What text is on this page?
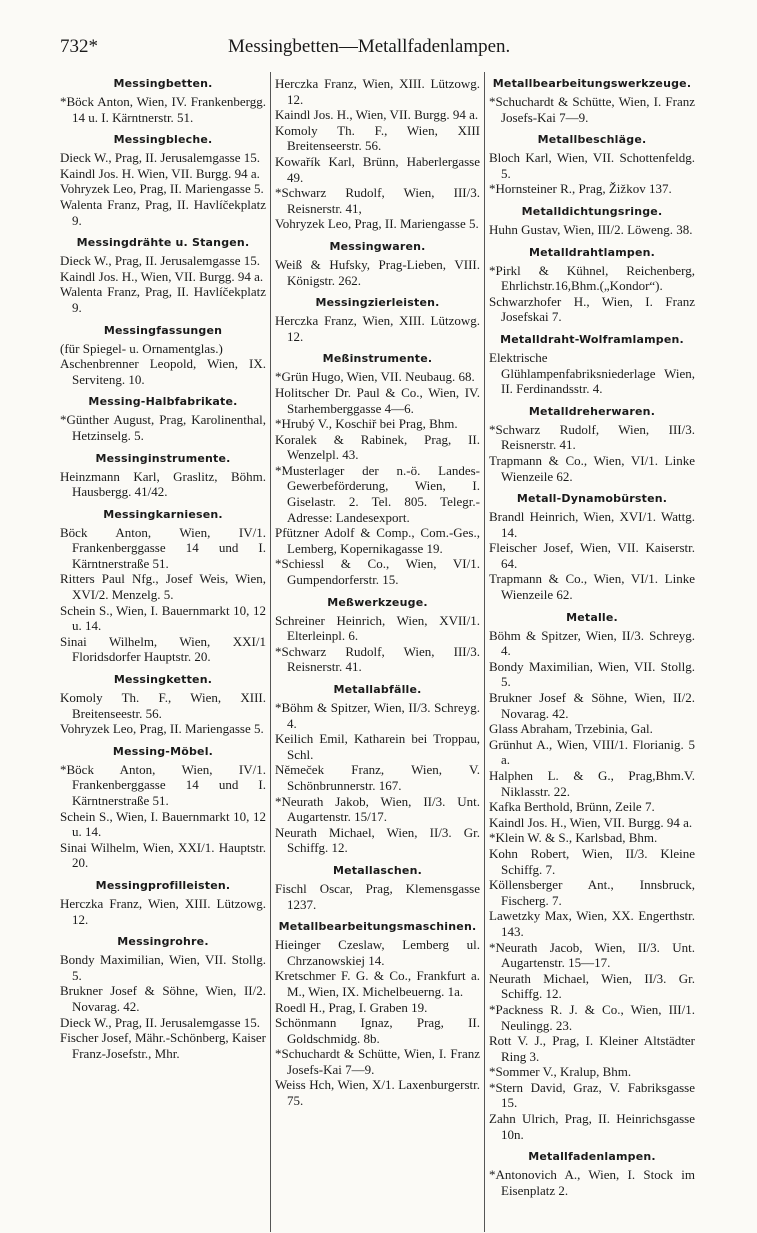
732*	Messingbetten—Metallfadenlampen.
Messingbetten.

*Böck Anton, Wien, IV. Frankenbergg. 14 u. I. Kärntnerstr. 51.

Messingbleche.

Dieck W., Prag, II. Jerusalemgasse 15.

Kaindl Jos. H. Wien, VII. Burgg. 94 a.

Vohryzek Leo, Prag, II. Mariengasse 5.

Walenta Franz, Prag, II. Havlíčekplatz 9.

Messingdrähte u. Stangen.

Dieck W., Prag, II. Jerusalemgasse 15.

Kaindl Jos. H., Wien, VII. Burgg. 94 a.

Walenta Franz, Prag, II. Havlíčekplatz 9.

Messingfassungen

(für Spiegel- u. Ornamentglas.)

Aschenbrenner Leopold, Wien, IX. Serviteng. 10.

Messing-Halbfabrikate.

*Günther August, Prag, Karolinenthal, Hetzinselg. 5.

Messinginstrumente.

Heinzmann Karl, Graslitz, Böhm. Hausbergg. 41/42.

Messingkarniesen.

Böck Anton, Wien, IV/1. Frankenberggasse 14 und I. Kärntnerstraße 51.

Ritters Paul Nfg., Josef Weis, Wien, XVI/2. Menzelg. 5.

Schein S., Wien, I. Bauernmarkt 10, 12 u. 14.

Sinai Wilhelm, Wien, XXI/1 Floridsdorfer Hauptstr. 20.

Messingketten.

Komoly Th. F., Wien, XIII. Breitenseestr. 56.

Vohryzek Leo, Prag, II. Mariengasse 5.

Messing-Möbel.

*Böck Anton, Wien, IV/1. Frankenberggasse 14 und I. Kärntnerstraße 51.

Schein S., Wien, I. Bauernmarkt 10, 12 u. 14.

Sinai Wilhelm, Wien, XXI/1. Hauptstr. 20.

Messingprofilleisten.

Herczka Franz, Wien, XIII. Lützowg. 12.

Messingrohre.

Bondy Maximilian, Wien, VII. Stollg. 5.

Brukner Josef & Söhne, Wien, II/2. Novarag. 42.

Dieck W., Prag, II. Jerusalemgasse 15.

Fischer Josef, Mähr.-Schönberg, Kaiser Franz-Josefstr., Mhr.

Herczka Franz, Wien, XIII. Lützowg. 12.

Kaindl Jos. H., Wien, VII. Burgg. 94 a.

Komoly Th. F., Wien, XIII Breitenseerstr. 56.

Kowařík Karl, Brünn, Haberlergasse 49.

*Schwarz Rudolf, Wien, III/3. Reisnerstr. 41,

Vohryzek Leo, Prag, II. Mariengasse 5.

Messingwaren.

Weiß & Hufsky, Prag-Lieben, VIII. Königstr. 262.

Messingzierleisten.

Herczka Franz, Wien, XIII. Lützowg. 12.

Meßinstrumente.

*Grün Hugo, Wien, VII. Neubaug. 68.

Holitscher Dr. Paul & Co., Wien, IV. Starhemberggasse 4—6.

*Hrubý V., Koschiř bei Prag, Bhm.

Koralek & Rabinek, Prag, II. Wenzelpl. 43.

*Musterlager der n.-ö. Landes-Gewerbeförderung, Wien, I. Giselastr. 2. Tel. 805. Telegr.-Adresse: Landesexport.

Pfützner Adolf & Comp., Com.-Ges., Lemberg, Kopernikagasse 19.

*Schiessl & Co., Wien, VI/1. Gumpendorferstr. 15.

Meßwerkzeuge.

Schreiner Heinrich, Wien, XVII/1. Elterleinpl. 6.

*Schwarz Rudolf, Wien, III/3. Reisnerstr. 41.

Metallabfälle.

*Böhm & Spitzer, Wien, II/3. Schreyg. 4.

Keilich Emil, Katharein bei Troppau, Schl.

Němeček Franz, Wien, V. Schönbrunnerstr. 167.

*Neurath Jakob, Wien, II/3. Unt. Augartenstr. 15/17.

Neurath Michael, Wien, II/3. Gr. Schiffg. 12.

Metallaschen.

Fischl Oscar, Prag, Klemensgasse 1237.

Metallbearbeitungsmaschinen.

Hieinger Czeslaw, Lemberg ul. Chrzanowskiej 14.

Kretschmer F. G. & Co., Frankfurt a. M., Wien, IX. Michelbeuerng. 1a.

Roedl H., Prag, I. Graben 19.

Schönmann Ignaz, Prag, II. Goldschmidg. 8b.

*Schuchardt & Schütte, Wien, I. Franz Josefs-Kai 7—9.

Weiss Hch, Wien, X/1. Laxenburgerstr. 75.

Metallbearbeitungswerkzeuge.

*Schuchardt & Schütte, Wien, I. Franz Josefs-Kai 7—9.

Metallbeschläge.

Bloch Karl, Wien, VII. Schottenfeldg. 5.

*Hornsteiner R., Prag, Žižkov 137.

Metalldichtungsringe.

Huhn Gustav, Wien, III/2. Löweng. 38.

Metalldrahtlampen.

*Pirkl & Kühnel, Reichenberg, Ehrlichstr.16,Bhm.(„Kondor“).

Schwarzhofer H., Wien, I. Franz Josefskai 7.

Metalldraht-Wolframlampen.

Elektrische Glühlampenfabriksniederlage Wien, II. Ferdinandsstr. 4.

Metalldreherwaren.

*Schwarz Rudolf, Wien, III/3. Reisnerstr. 41.

Trapmann & Co., Wien, VI/1. Linke Wienzeile 62.

Metall-Dynamobürsten.

Brandl Heinrich, Wien, XVI/1. Wattg. 14.

Fleischer Josef, Wien, VII. Kaiserstr. 64.

Trapmann & Co., Wien, VI/1. Linke Wienzeile 62.

Metalle.

Böhm & Spitzer, Wien, II/3. Schreyg. 4.

Bondy Maximilian, Wien, VII. Stollg. 5.

Brukner Josef & Söhne, Wien, II/2. Novarag. 42.

Glass Abraham, Trzebinia, Gal.

Grünhut A., Wien, VIII/1. Florianig. 5 a.

Halphen L. & G., Prag,Bhm.V. Niklasstr. 22.

Kafka Berthold, Brünn, Zeile 7.

Kaindl Jos. H., Wien, VII. Burgg. 94 a.

*Klein W. & S., Karlsbad, Bhm.

Kohn Robert, Wien, II/3. Kleine Schiffg. 7.

Köllensberger Ant., Innsbruck, Fischerg. 7.

Lawetzky Max, Wien, XX. Engerthstr. 143.

*Neurath Jacob, Wien, II/3. Unt. Augartenstr. 15—17.

Neurath Michael, Wien, II/3. Gr. Schiffg. 12.

*Packness R. J. & Co., Wien, III/1. Neulingg. 23.

Rott V. J., Prag, I. Kleiner Altstädter Ring 3.

*Sommer V., Kralup, Bhm.

*Stern David, Graz, V. Fabriksgasse 15.

Zahn Ulrich, Prag, II. Heinrichsgasse 10n.

Metallfadenlampen.

*Antonovich A., Wien, I. Stock im Eisenplatz 2.
